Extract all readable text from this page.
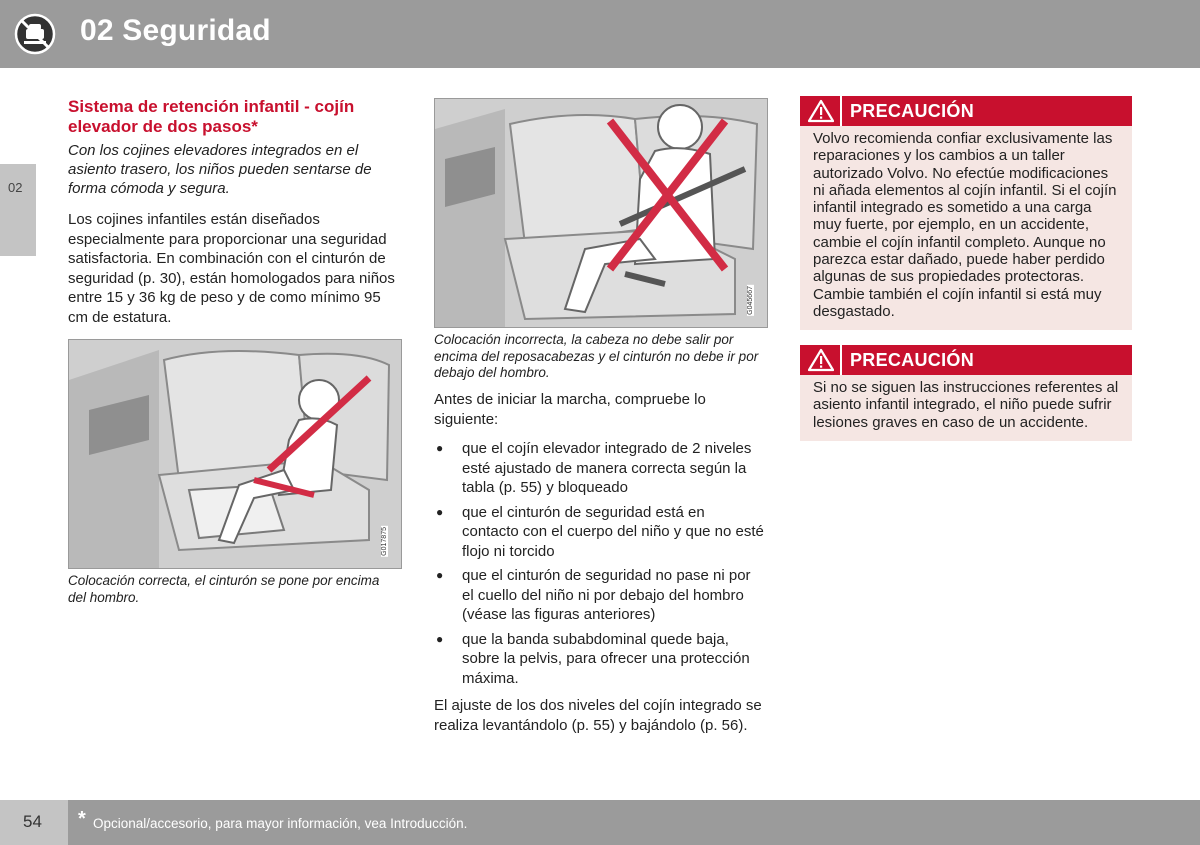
02 Seguridad
02
Sistema de retención infantil - cojín elevador de dos pasos*

Con los cojines elevadores integrados en el asiento trasero, los niños pueden sentarse de forma cómoda y segura.

Los cojines infantiles están diseñados especialmente para proporcionar una seguridad satisfactoria. En combinación con el cinturón de seguridad (p. 30), están homologados para niños entre 15 y 36 kg de peso y de como mínimo 95 cm de estatura.

G017875
Colocación correcta, el cinturón se pone por encima del hombro.
G045667
Colocación incorrecta, la cabeza no debe salir por encima del reposacabezas y el cinturón no debe ir por debajo del hombro.

Antes de iniciar la marcha, compruebe lo siguiente:

● que el cojín elevador integrado de 2 niveles esté ajustado de manera correcta según la tabla (p. 55) y bloqueado
● que el cinturón de seguridad está en contacto con el cuerpo del niño y que no esté flojo ni torcido
● que el cinturón de seguridad no pase ni por el cuello del niño ni por debajo del hombro (véase las figuras anteriores)
● que la banda subabdominal quede baja, sobre la pelvis, para ofrecer una protección máxima.

El ajuste de los dos niveles del cojín integrado se realiza levantándolo (p. 55) y bajándolo (p. 56).

PRECAUCIÓN
Volvo recomienda confiar exclusivamente las reparaciones y los cambios a un taller autorizado Volvo. No efectúe modificaciones ni añada elementos al cojín infantil. Si el cojín infantil integrado es sometido a una carga muy fuerte, por ejemplo, en un accidente, cambie el cojín infantil completo. Aunque no parezca estar dañado, puede haber perdido algunas de sus propiedades protectoras. Cambie también el cojín infantil si está muy desgastado.
PRECAUCIÓN
Si no se siguen las instrucciones referentes al asiento infantil integrado, el niño puede sufrir lesiones graves en caso de un accidente.
54 * Opcional/accesorio, para mayor información, vea Introducción.
